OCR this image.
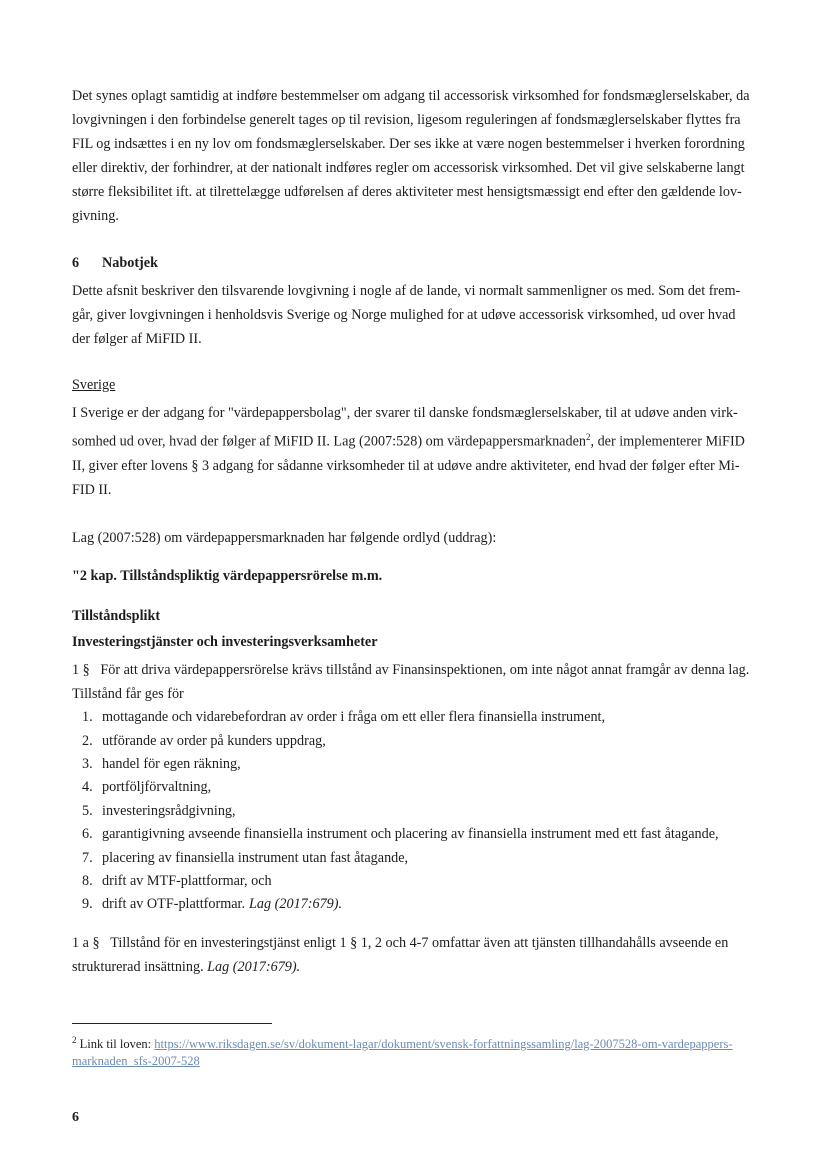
Det synes oplagt samtidig at indføre bestemmelser om adgang til accessorisk virksomhed for fondsmæglerselskaber, da lovgivningen i den forbindelse generelt tages op til revision, ligesom reguleringen af fondsmæglerselskaber flyttes fra FIL og indsættes i en ny lov om fondsmæglerselskaber. Der ses ikke at være nogen bestemmelser i hverken forordning eller direktiv, der forhindrer, at der nationalt indføres regler om accessorisk virksomhed. Det vil give selskaberne langt større fleksibilitet ift. at tilrettelægge udførelsen af deres aktiviteter mest hensigtsmæssigt end efter den gældende lov-givning.

6	Nabotjek

Dette afsnit beskriver den tilsvarende lovgivning i nogle af de lande, vi normalt sammenligner os med. Som det frem-går, giver lovgivningen i henholdsvis Sverige og Norge mulighed for at udøve accessorisk virksomhed, ud over hvad der følger af MiFID II.

Sverige

I Sverige er der adgang for "värdepappersbolag", der svarer til danske fondsmæglerselskaber, til at udøve anden virk-somhed ud over, hvad der følger af MiFID II. Lag (2007:528) om värdepappersmarknaden$^2$, der implementerer MiFID II, giver efter lovens § 3 adgang for sådanne virksomheder til at udøve andre aktiviteter, end hvad der følger efter Mi-FID II.

Lag (2007:528) om värdepappersmarknaden har følgende ordlyd (uddrag):

"2 kap. Tillståndspliktig värdepappersrörelse m.m.

Tillståndsplikt

Investeringstjänster och investeringsverksamheter

1 § För att driva värdepappersrörelse krävs tillstånd av Finansinspektionen, om inte något annat framgår av denna lag. Tillstånd får ges för

1. mottagande och vidarebefordran av order i fråga om ett eller flera finansiella instrument,
2. utförande av order på kunders uppdrag,
3. handel för egen räkning,
4. portföljförvaltning,
5. investeringsrådgivning,
6. garantigivning avseende finansiella instrument och placering av finansiella instrument med ett fast åtagande,
7. placering av finansiella instrument utan fast åtagande,
8. drift av MTF-plattformar, och
9. drift av OTF-plattformar. Lag (2017:679).

1 a § Tillstånd för en investeringstjänst enligt 1 § 1, 2 och 4-7 omfattar även att tjänsten tillhandahålls avseende en strukturerad insättning. Lag (2017:679).

$^2$ Link til loven: https://www.riksdagen.se/sv/dokument-lagar/dokument/svensk-forfattningssamling/lag-2007528-om-vardepappers-marknaden_sfs-2007-528
6
